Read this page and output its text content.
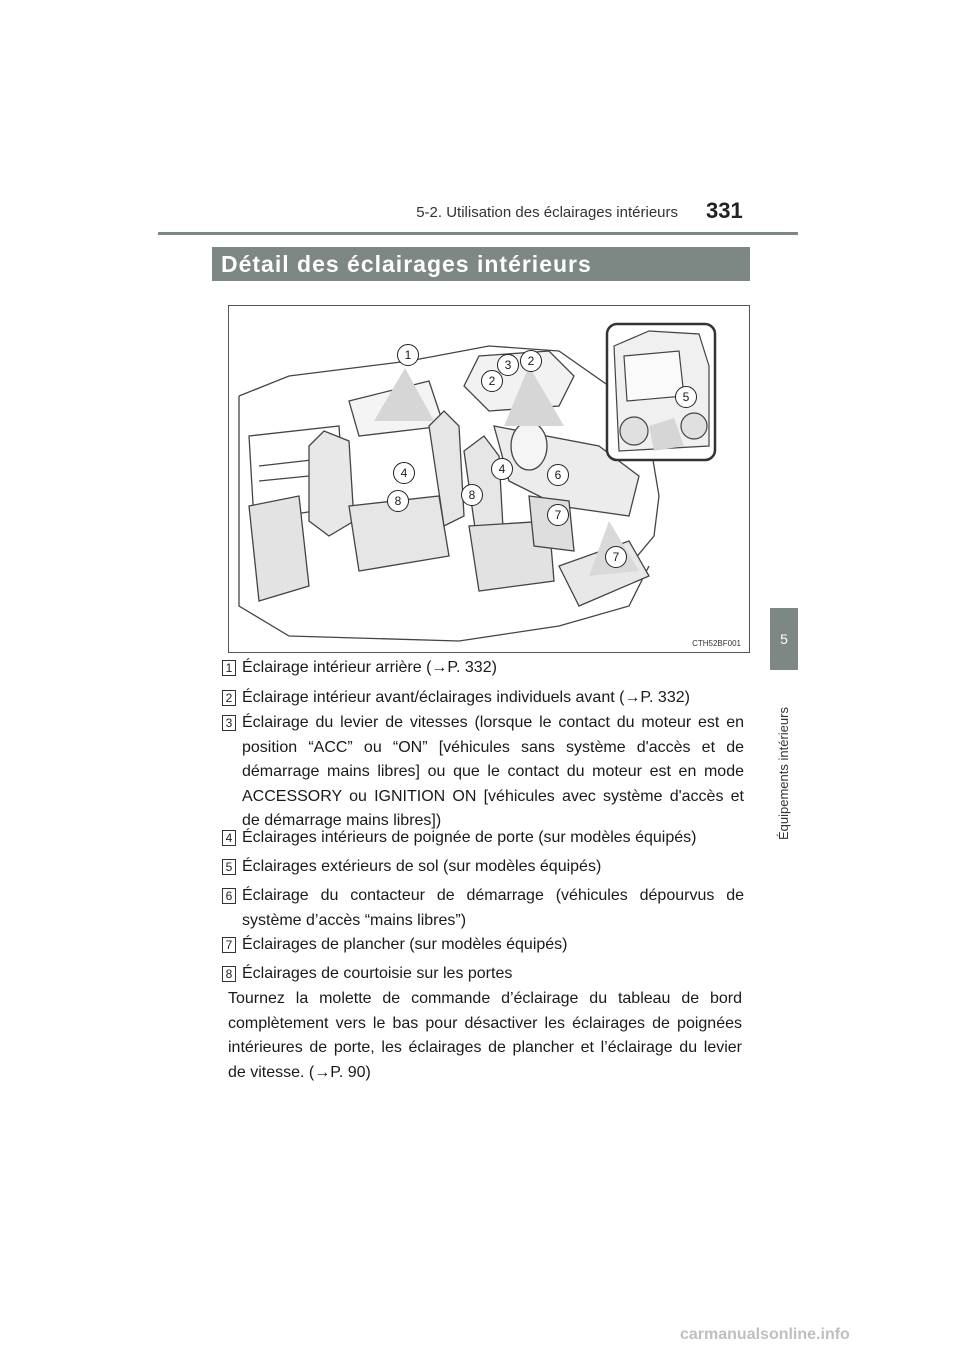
5-2. Utilisation des éclairages intérieurs 331
5
Équipements intérieurs
Détail des éclairages intérieurs
1	2
3
2
5
4	4	6
8	8
7
7
CTH52BF001
1 Éclairage intérieur arrière (→P. 332)
2 Éclairage intérieur avant/éclairages individuels avant (→P. 332)
3 Éclairage du levier de vitesses (lorsque le contact du moteur est en position “ACC” ou “ON” [véhicules sans système d'accès et de démarrage mains libres] ou que le contact du moteur est en mode ACCESSORY ou IGNITION ON [véhicules avec système d'accès et de démarrage mains libres])
4 Éclairages intérieurs de poignée de porte (sur modèles équipés)
5 Éclairages extérieurs de sol (sur modèles équipés)
6 Éclairage du contacteur de démarrage (véhicules dépourvus de système d’accès “mains libres”)
7 Éclairages de plancher (sur modèles équipés)
8 Éclairages de courtoisie sur les portes
Tournez la molette de commande d’éclairage du tableau de bord complètement vers le bas pour désactiver les éclairages de poignées intérieures de porte, les éclairages de plancher et l’éclairage du levier de vitesse. (→P. 90)
carmanualsonline.info
